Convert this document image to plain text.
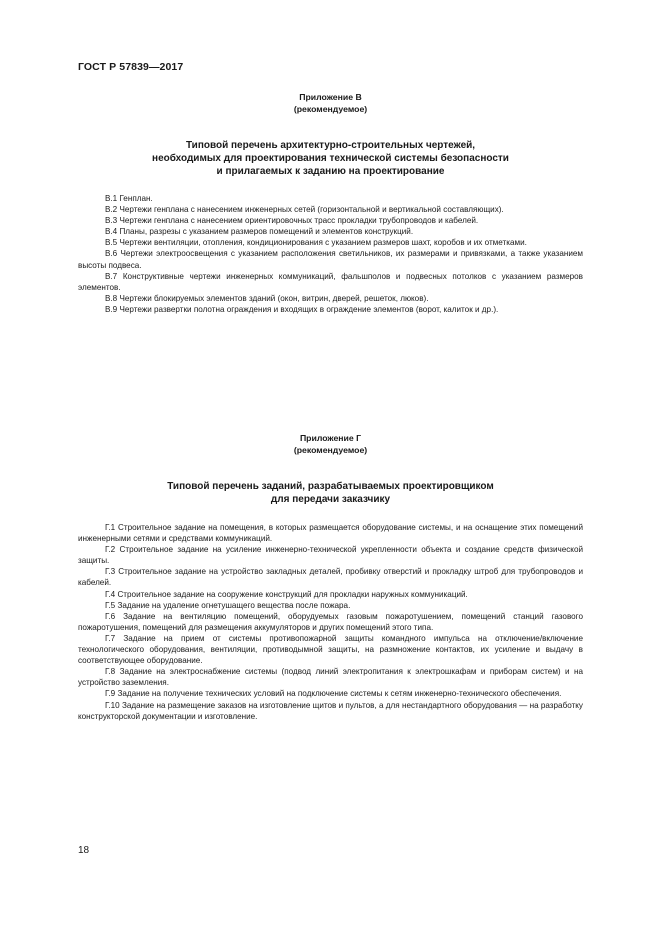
ГОСТ Р 57839—2017
Приложение В
(рекомендуемое)
Типовой перечень архитектурно-строительных чертежей,
необходимых для проектирования технической системы безопасности
и прилагаемых к заданию на проектирование

В.1 Генплан.

В.2 Чертежи генплана с нанесением инженерных сетей (горизонтальной и вертикальной составляющих).

В.3 Чертежи генплана с нанесением ориентировочных трасс прокладки трубопроводов и кабелей.

В.4 Планы, разрезы с указанием размеров помещений и элементов конструкций.

В.5 Чертежи вентиляции, отопления, кондиционирования с указанием размеров шахт, коробов и их отметками.

В.6 Чертежи электроосвещения с указанием расположения светильников, их размерами и привязками, а также указанием высоты подвеса.

В.7 Конструктивные чертежи инженерных коммуникаций, фальшполов и подвесных потолков с указанием размеров элементов.

В.8 Чертежи блокируемых элементов зданий (окон, витрин, дверей, решеток, люков).

В.9 Чертежи развертки полотна ограждения и входящих в ограждение элементов (ворот, калиток и др.).

Приложение Г
(рекомендуемое)
Типовой перечень заданий, разрабатываемых проектировщиком
для передачи заказчику

Г.1 Строительное задание на помещения, в которых размещается оборудование системы, и на оснащение этих помещений инженерными сетями и средствами коммуникаций.

Г.2 Строительное задание на усиление инженерно-технической укрепленности объекта и создание средств физической защиты.

Г.3 Строительное задание на устройство закладных деталей, пробивку отверстий и прокладку штроб для трубопроводов и кабелей.

Г.4 Строительное задание на сооружение конструкций для прокладки наружных коммуникаций.

Г.5 Задание на удаление огнетушащего вещества после пожара.

Г.6 Задание на вентиляцию помещений, оборудуемых газовым пожаротушением, помещений станций газового пожаротушения, помещений для размещения аккумуляторов и других помещений этого типа.

Г.7 Задание на прием от системы противопожарной защиты командного импульса на отключение/включение технологического оборудования, вентиляции, противодымной защиты, на размножение контактов, их усиление и выдачу в соответствующее оборудование.

Г.8 Задание на электроснабжение системы (подвод линий электропитания к электрошкафам и приборам систем) и на устройство заземления.

Г.9 Задание на получение технических условий на подключение системы к сетям инженерно-технического обеспечения.

Г.10 Задание на размещение заказов на изготовление щитов и пультов, а для нестандартного оборудования — на разработку конструкторской документации и изготовление.

18
